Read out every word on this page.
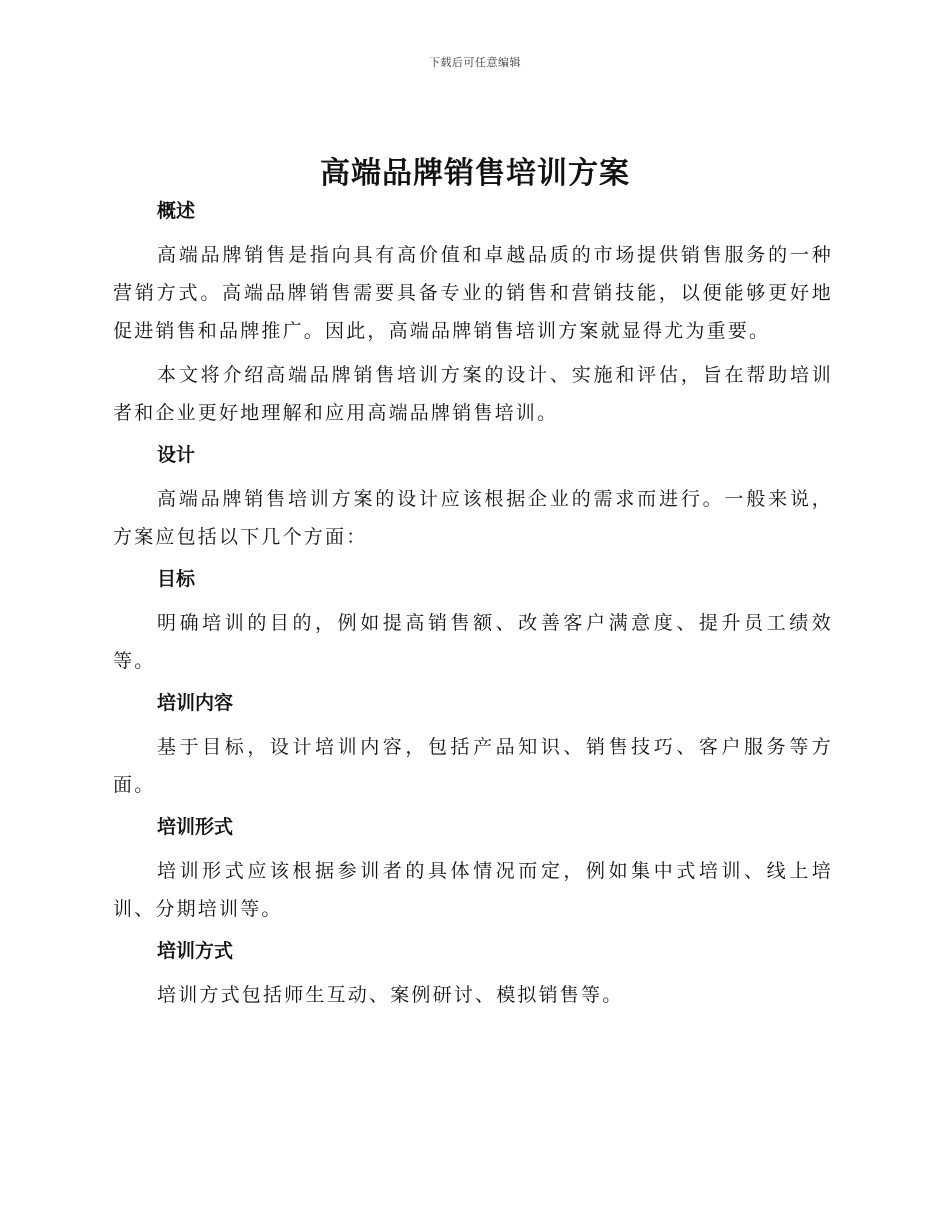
下载后可任意编辑
高端品牌销售培训方案
概述

高端品牌销售是指向具有高价值和卓越品质的市场提供销售服务的一种营销方式。高端品牌销售需要具备专业的销售和营销技能，以便能够更好地促进销售和品牌推广。因此，高端品牌销售培训方案就显得尤为重要。

本文将介绍高端品牌销售培训方案的设计、实施和评估，旨在帮助培训者和企业更好地理解和应用高端品牌销售培训。

设计

高端品牌销售培训方案的设计应该根据企业的需求而进行。一般来说，方案应包括以下几个方面：

目标

明确培训的目的，例如提高销售额、改善客户满意度、提升员工绩效等。

培训内容

基于目标，设计培训内容，包括产品知识、销售技巧、客户服务等方面。

培训形式

培训形式应该根据参训者的具体情况而定，例如集中式培训、线上培训、分期培训等。

培训方式

培训方式包括师生互动、案例研讨、模拟销售等。
